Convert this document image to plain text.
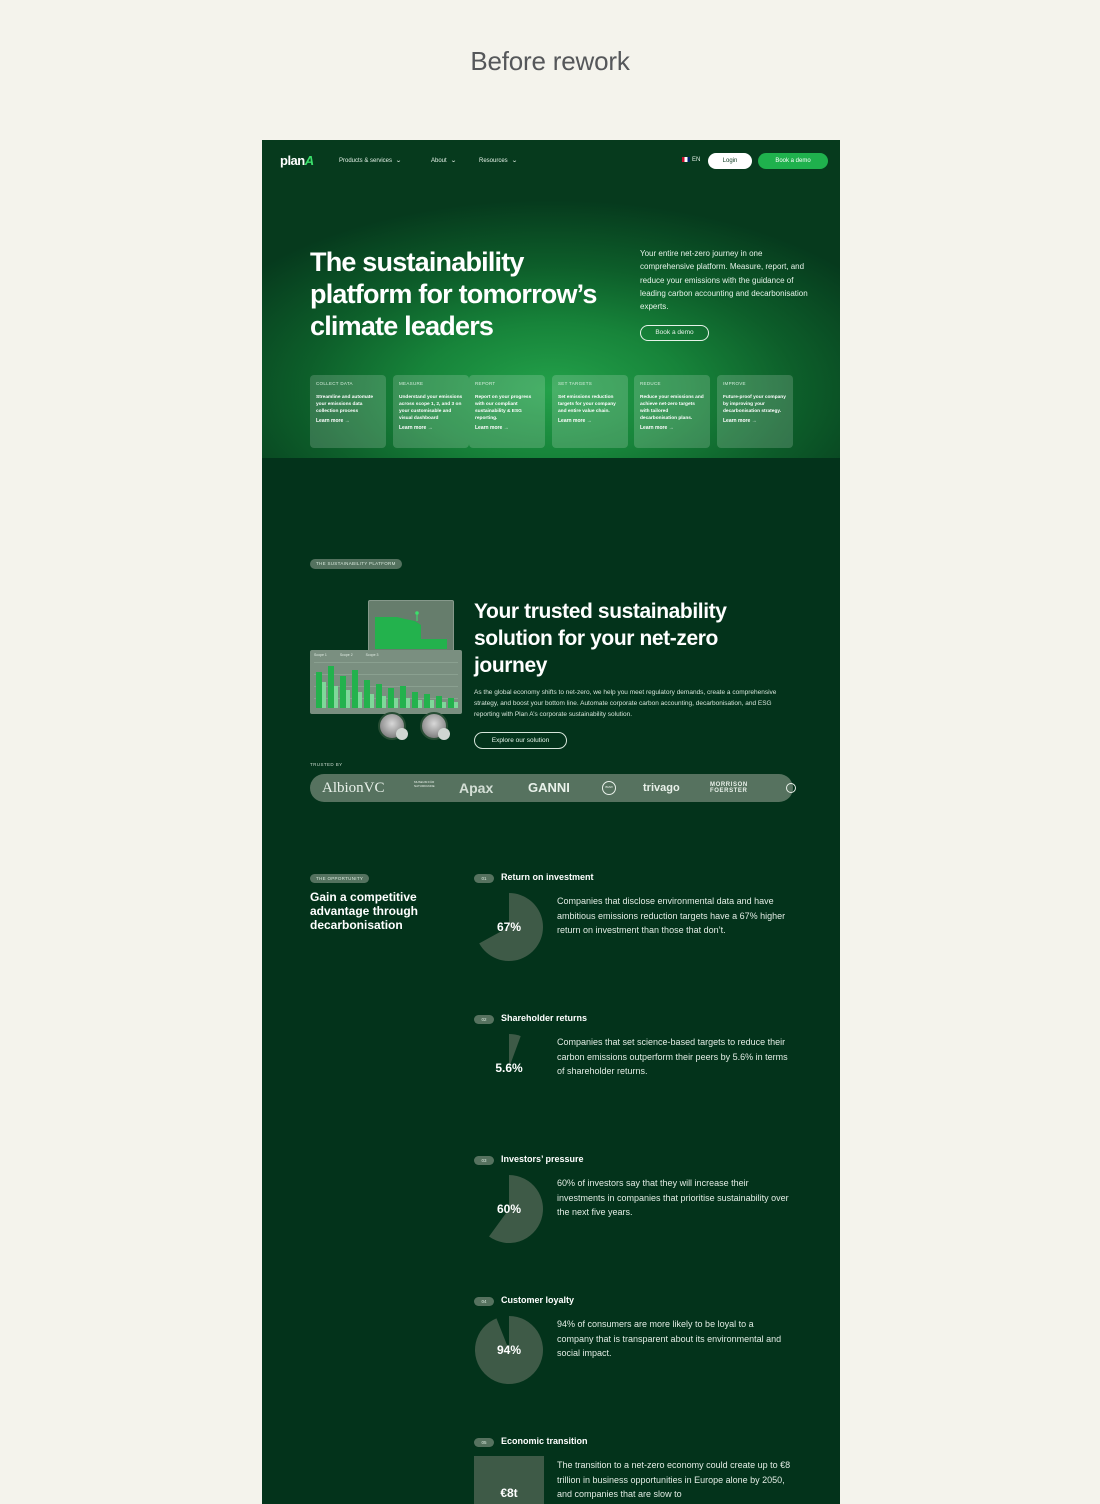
Before rework
planA	Products & services ⌄	About ⌄	Resources ⌄	EN	Login	Book a demo
The sustainability platform for tomorrow’s climate leaders
Your entire net-zero journey in one comprehensive platform. Measure, report, and reduce your emissions with the guidance of leading carbon accounting and decarbonisation experts.
Book a demo
COLLECT DATA
Streamline and automate your emissions data collection process
Learn more →
MEASURE
Understand your emissions across scope 1, 2, and 3 on your customisable and visual dashboard
Learn more →
REPORT
Report on your progress with our compliant sustainability & ESG reporting.
Learn more →
SET TARGETS
Set emissions reduction targets for your company and entire value chain.
Learn more →
REDUCE
Reduce your emissions and achieve net-zero targets with tailored decarbonisation plans.
Learn more →
IMPROVE
Future-proof your company by improving your decarbonisation strategy.
Learn more →
THE SUSTAINABILITY PLATFORM
Scope 1	Scope 2	Scope 3
Your trusted sustainability solution for your net-zero journey
As the global economy shifts to net-zero, we help you meet regulatory demands, create a comprehensive strategy, and boost your bottom line. Automate corporate carbon accounting, decarbonisation, and ESG reporting with Plan A’s corporate sustainability solution.
Explore our solution
TRUSTED BY
AlbionVC	MUSEUM FÜR NATURKUNDE Apax	GANNI	BMW	trivago	MORRISON FOERSTER
THE OPPORTUNITY
Gain a competitive advantage through decarbonisation
01	Return on investment
67%
Companies that disclose environmental data and have ambitious emissions reduction targets have a 67% higher return on investment than those that don’t.
02	Shareholder returns
5.6%
Companies that set science-based targets to reduce their carbon emissions outperform their peers by 5.6% in terms of shareholder returns.
03	Investors’ pressure
60%
60% of investors say that they will increase their investments in companies that prioritise sustainability over the next five years.
04	Customer loyalty
94%
94% of consumers are more likely to be loyal to a company that is transparent about its environmental and social impact.
05	Economic transition
€8t
The transition to a net-zero economy could create up to €8 trillion in business opportunities in Europe alone by 2050, and companies that are slow to
